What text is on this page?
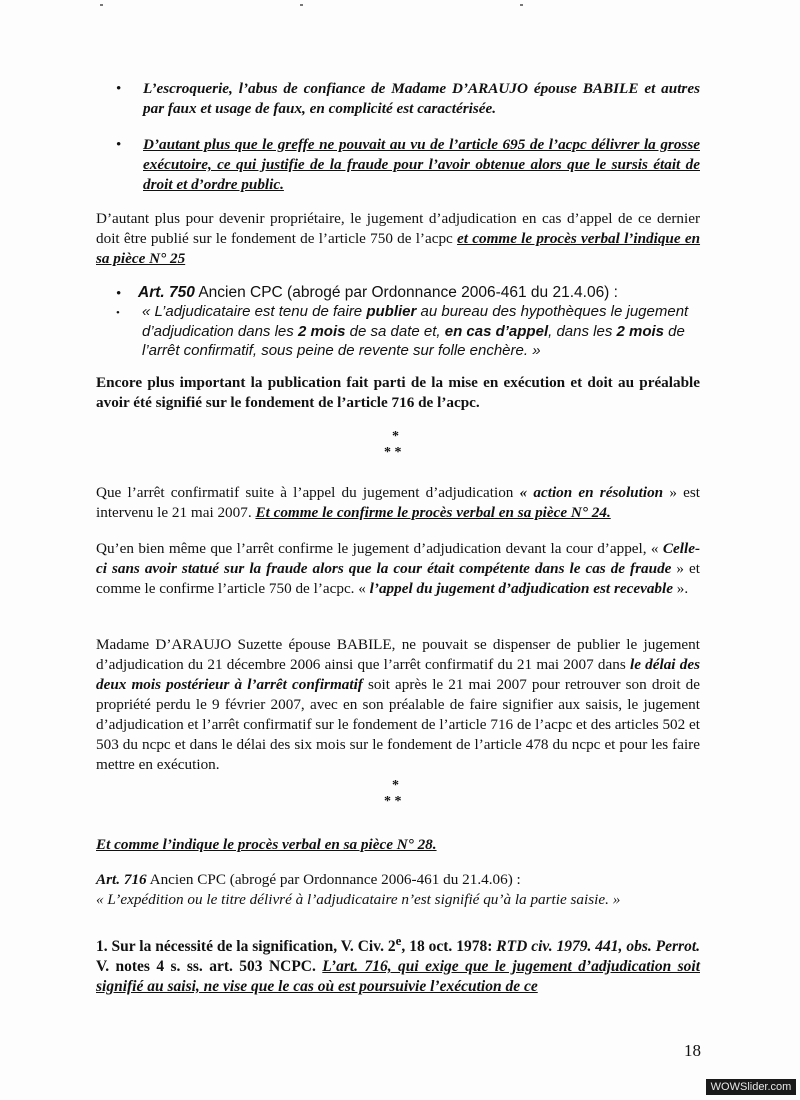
• L’escroquerie, l’abus de confiance de Madame D’ARAUJO épouse BABILE et autres par faux et usage de faux, en complicité est caractérisée.
• D’autant plus que le greffe ne pouvait au vu de l’article 695 de l’acpc délivrer la grosse exécutoire, ce qui justifie de la fraude pour l’avoir obtenue alors que le sursis était de droit et d’ordre public.
D’autant plus pour devenir propriétaire, le jugement d’adjudication en cas d’appel de ce dernier doit être publié sur le fondement de l’article 750 de l’acpc et comme le procès verbal l’indique en sa pièce N° 25
• Art. 750 Ancien CPC (abrogé par Ordonnance 2006-461 du 21.4.06) :
• « L’adjudicataire est tenu de faire publier au bureau des hypothèques le jugement d’adjudication dans les 2 mois de sa date et, en cas d’appel, dans les 2 mois de l’arrêt confirmatif, sous peine de revente sur folle enchère. »
Encore plus important la publication fait parti de la mise en exécution et doit au préalable avoir été signifié sur le fondement de l’article 716 de l’acpc.
*
* *
Que l’arrêt confirmatif suite à l’appel du jugement d’adjudication « action en résolution » est intervenu le 21 mai 2007. Et comme le confirme le procès verbal en sa pièce N° 24.
Qu’en bien même que l’arrêt confirme le jugement d’adjudication devant la cour d’appel, « Celle-ci sans avoir statué sur la fraude alors que la cour était compétente dans le cas de fraude » et comme le confirme l’article 750 de l’acpc. « l’appel du jugement d’adjudication est recevable ».
Madame D’ARAUJO Suzette épouse BABILE, ne pouvait se dispenser de publier le jugement d’adjudication du 21 décembre 2006 ainsi que l’arrêt confirmatif du 21 mai 2007 dans le délai des deux mois postérieur à l’arrêt confirmatif soit après le 21 mai 2007 pour retrouver son droit de propriété perdu le 9 février 2007, avec en son préalable de faire signifier aux saisis, le jugement d’adjudication et l’arrêt confirmatif sur le fondement de l’article 716 de l’acpc et des articles 502 et 503 du ncpc et dans le délai des six mois sur le fondement de l’article 478 du ncpc et pour les faire mettre en exécution.
*
* *
Et comme l’indique le procès verbal en sa pièce N° 28.
Art. 716 Ancien CPC (abrogé par Ordonnance 2006-461 du 21.4.06) :
« L’expédition ou le titre délivré à l’adjudicataire n’est signifié qu’à la partie saisie. »
1. Sur la nécessité de la signification, V. Civ. 2e, 18 oct. 1978: RTD civ. 1979. 441, obs. Perrot. V. notes 4 s. ss. art. 503 NCPC. L’art. 716, qui exige que le jugement d’adjudication soit signifié au saisi, ne vise que le cas où est poursuivie l’exécution de ce
18
WOWSlider.com
